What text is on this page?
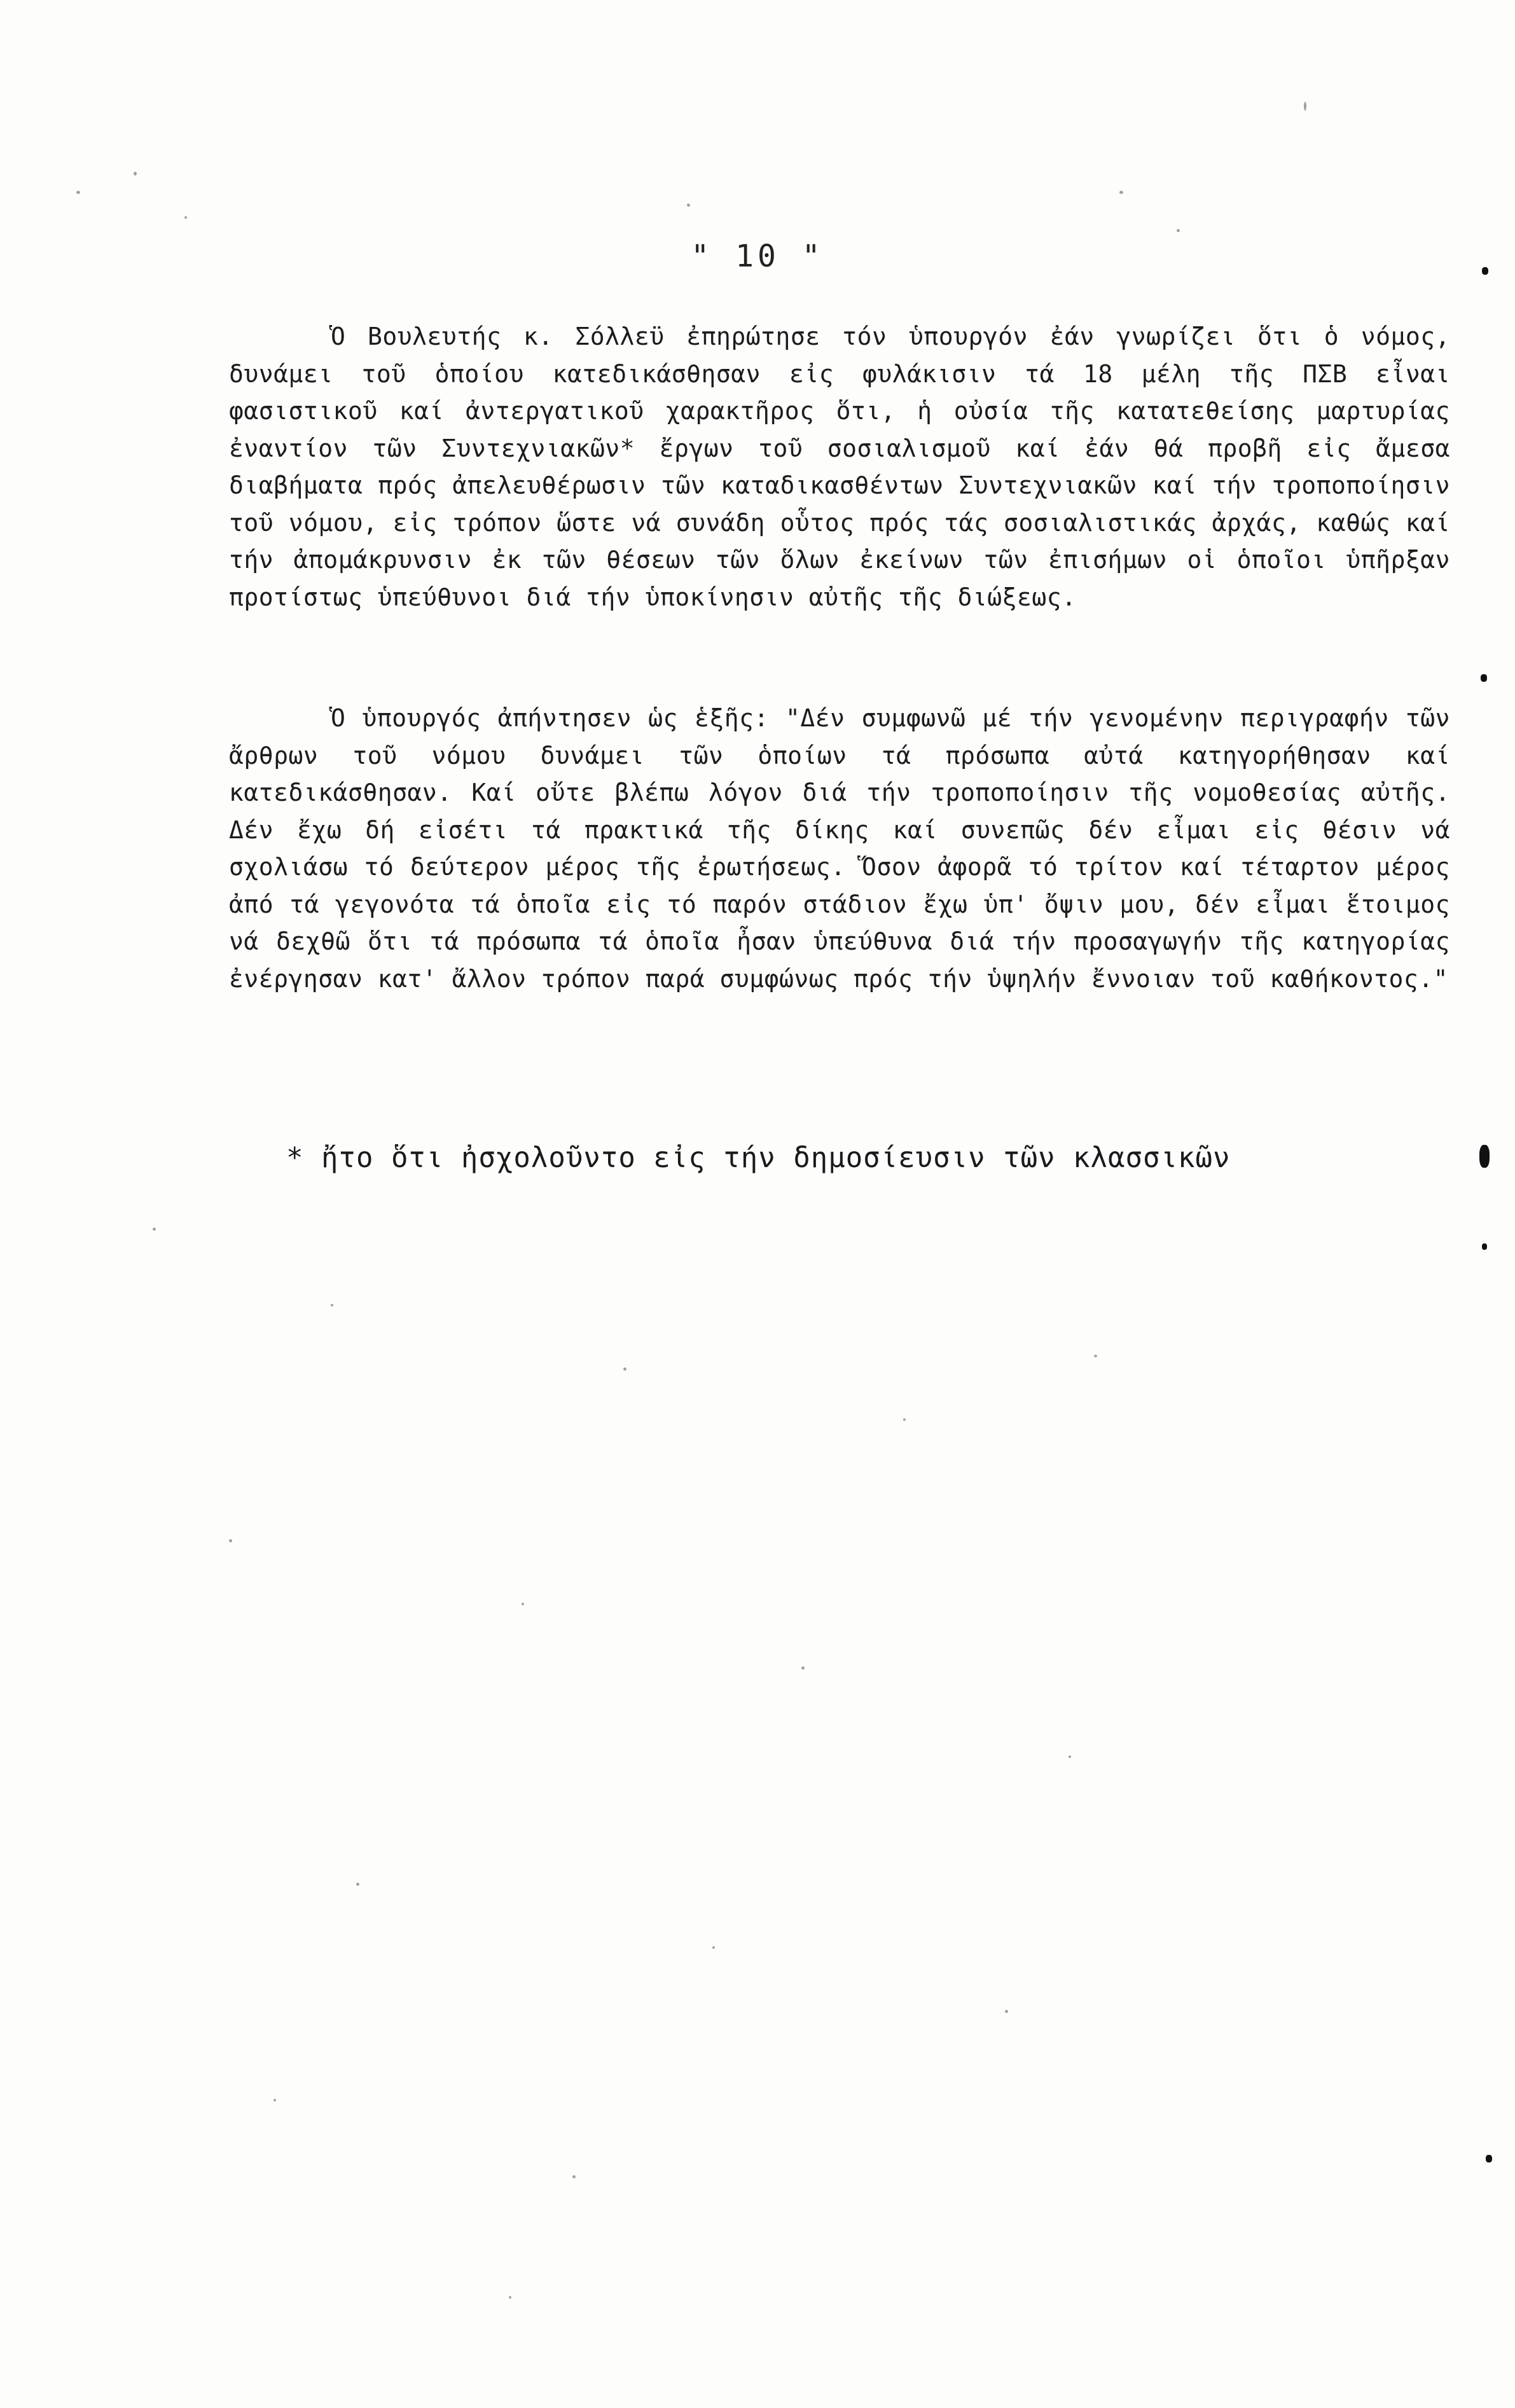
" 10 "
Ὁ Βουλευτής κ. Σόλλεϋ ἐπηρώτησε τόν ὑπουργόν ἐάν γνωρίζει ὅτι ὁ νόμος, δυνάμει τοῦ ὁποίου κατεδικάσθησαν εἰς φυλάκισιν τά 18 μέλη τῆς ΠΣΒ εἶναι φασιστικοῦ καί ἀντεργατικοῦ χαρακτῆρος ὅτι, ἡ οὐσία τῆς κατατεθείσης μαρτυρίας ἐναντίον τῶν Συντεχνιακῶν* ἔργων τοῦ σοσιαλισμοῦ καί ἐάν θά προβῆ εἰς ἄμεσα διαβήματα πρός ἀπελευθέρωσιν τῶν καταδικασθέντων Συντεχνιακῶν καί τήν τροποποίησιν τοῦ νόμου, εἰς τρόπον ὥστε νά συνάδη οὗτος πρός τάς σοσιαλιστικάς ἀρχάς, καθώς καί τήν ἀπομάκρυνσιν ἐκ τῶν θέσεων τῶν ὅλων ἐκείνων τῶν ἐπισήμων οἱ ὁποῖοι ὑπῆρξαν προτίστως ὑπεύθυνοι διά τήν ὑποκίνησιν αὐτῆς τῆς διώξεως.
Ὁ ὑπουργός ἀπήντησεν ὡς ἑξῆς: "Δέν συμφωνῶ μέ τήν γενομένην περιγραφήν τῶν ἄρθρων τοῦ νόμου δυνάμει τῶν ὁποίων τά πρόσωπα αὐτά κατηγορήθησαν καί κατεδικάσθησαν. Καί οὔτε βλέπω λόγον διά τήν τροποποίησιν τῆς νομοθεσίας αὐτῆς. Δέν ἔχω δή εἰσέτι τά πρακτικά τῆς δίκης καί συνεπῶς δέν εἶμαι εἰς θέσιν νά σχολιάσω τό δεύτερον μέρος τῆς ἐρωτήσεως. Ὅσον ἀφορᾶ τό τρίτον καί τέταρτον μέρος ἀπό τά γεγονότα τά ὁποῖα εἰς τό παρόν στάδιον ἔχω ὑπ' ὄψιν μου, δέν εἶμαι ἕτοιμος νά δεχθῶ ὅτι τά πρόσωπα τά ὁποῖα ἦσαν ὑπεύθυνα διά τήν προσαγωγήν τῆς κατηγορίας ἐνέργησαν κατ' ἄλλον τρόπον παρά συμφώνως πρός τήν ὑψηλήν ἔννοιαν τοῦ καθήκοντος."
* ἤτο ὅτι ἠσχολοῦντο εἰς τήν δημοσίευσιν τῶν κλασσικῶν
